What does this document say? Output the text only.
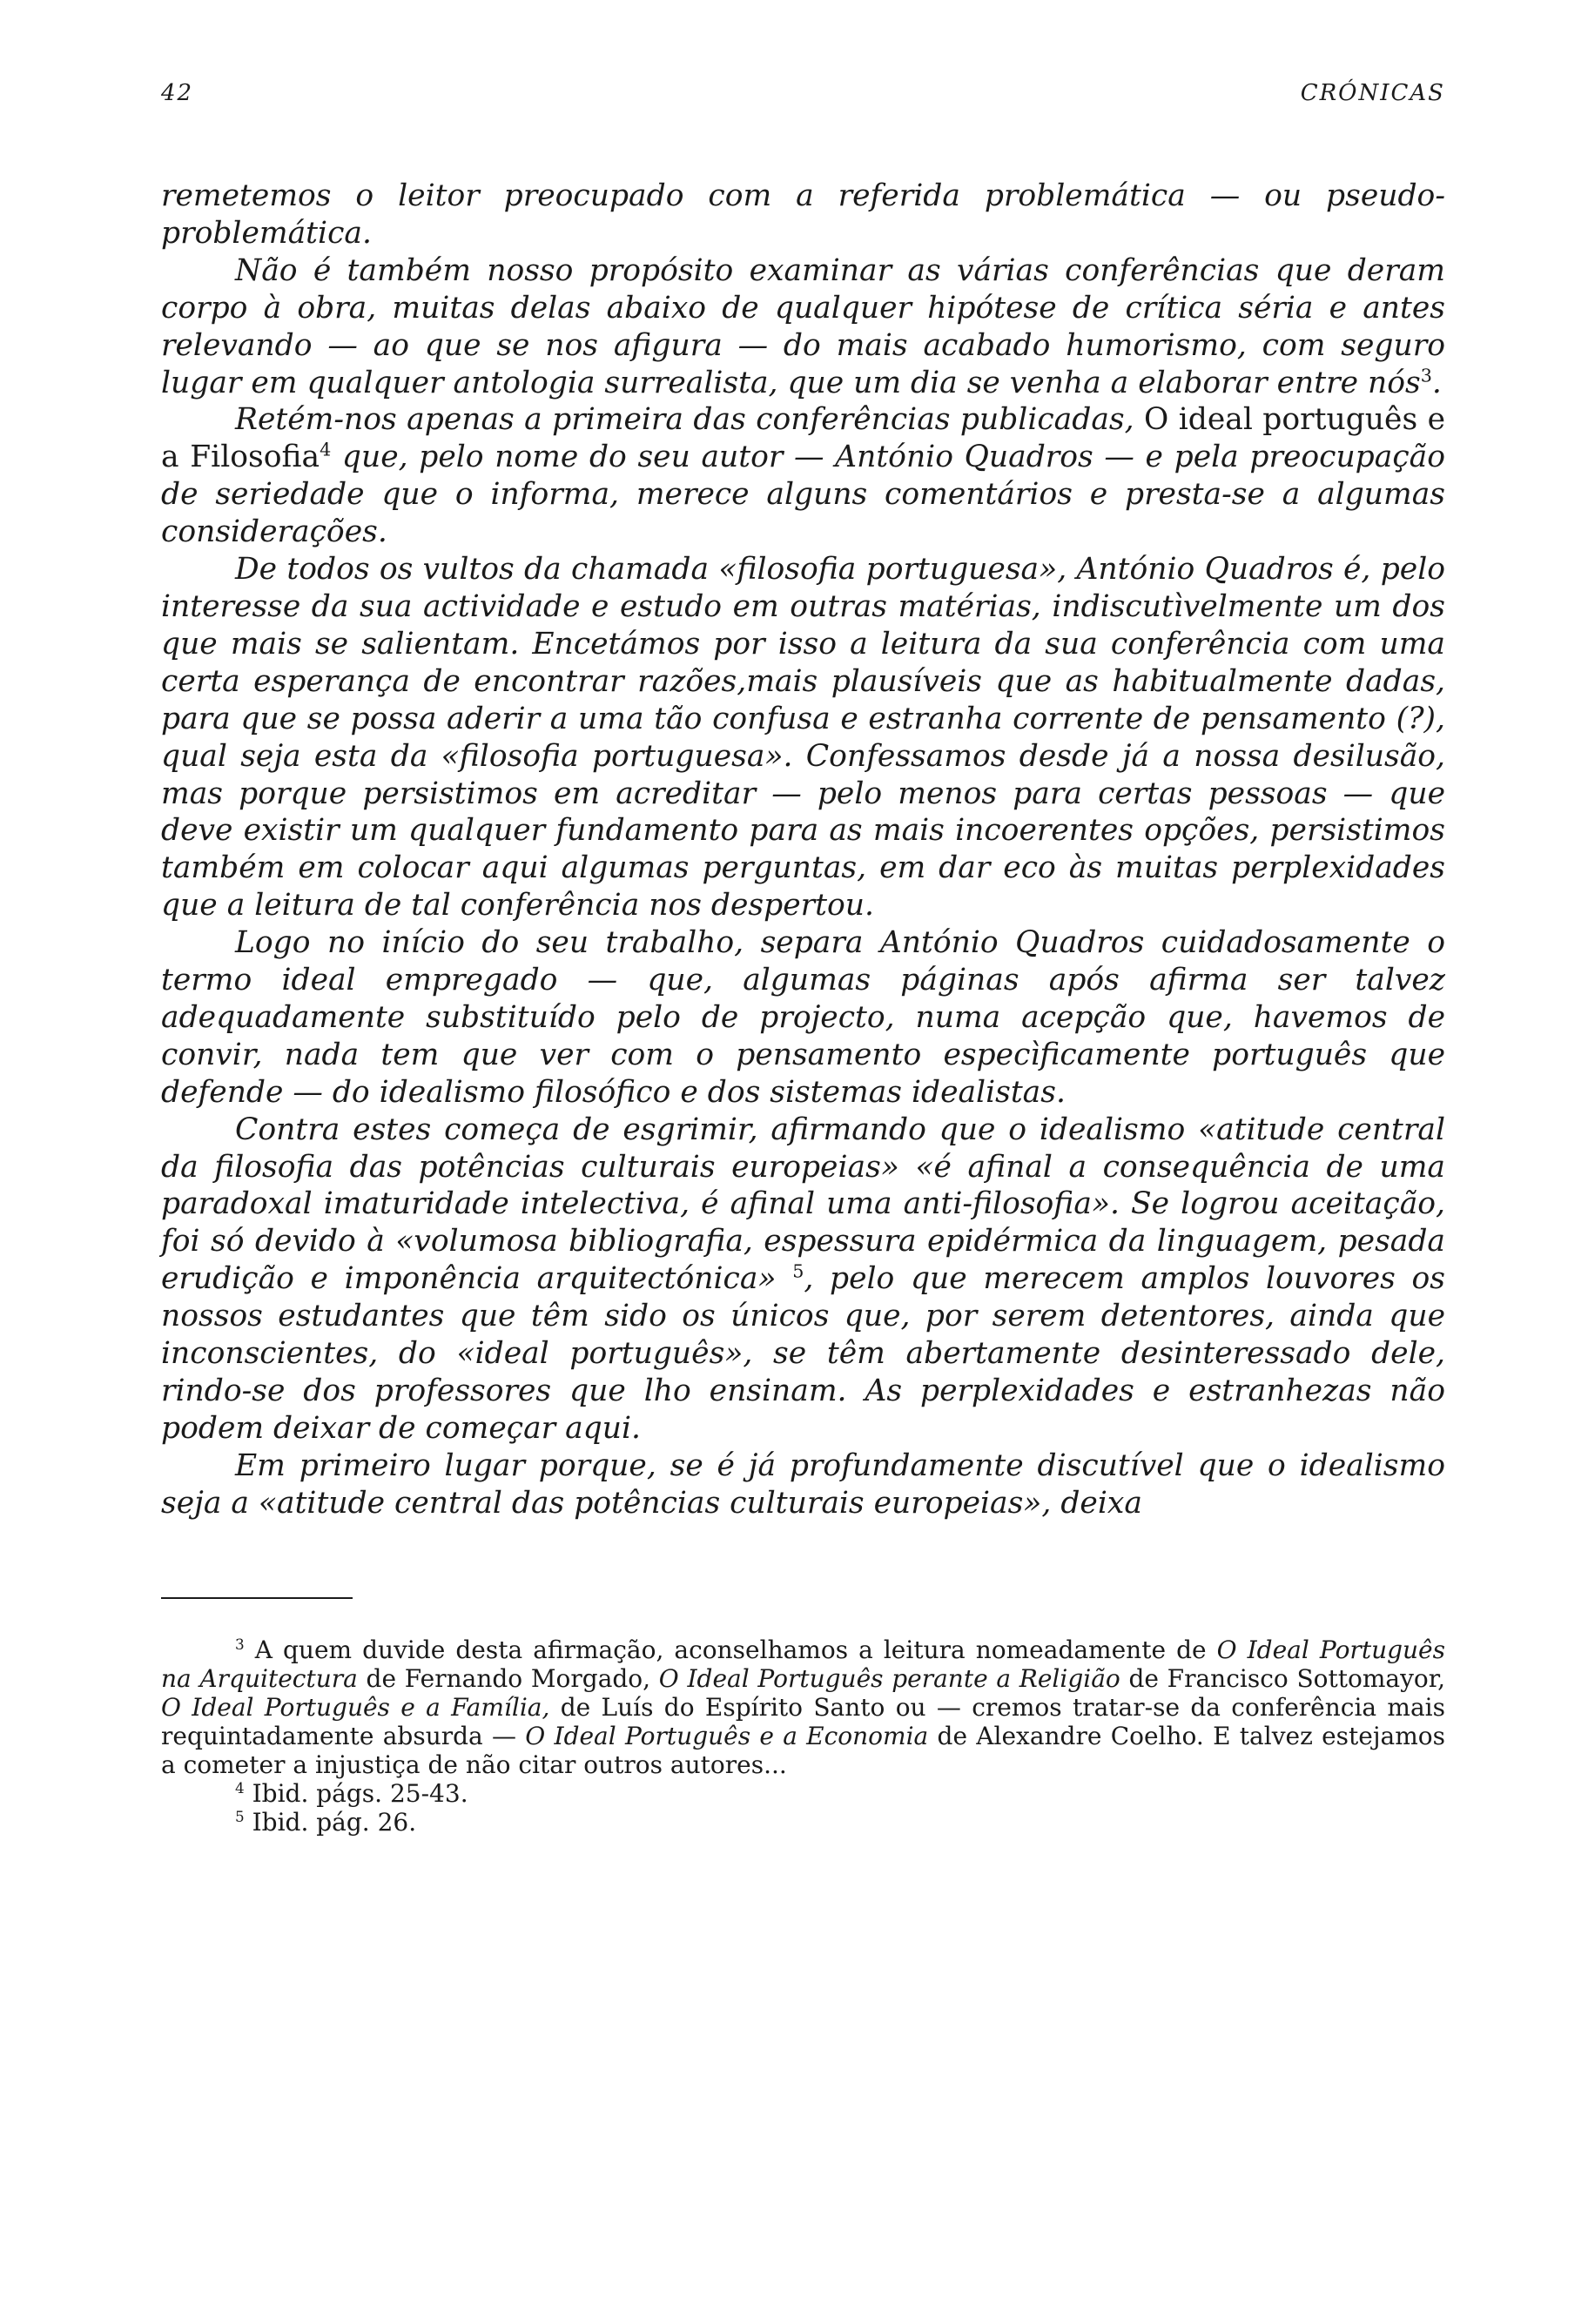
42	CRÓNICAS

remetemos o leitor preocupado com a referida problemática — ou pseudo-problemática.

Não é também nosso propósito examinar as várias conferências que deram corpo à obra, muitas delas abaixo de qualquer hipótese de crítica séria e antes relevando — ao que se nos afigura — do mais acabado humorismo, com seguro lugar em qualquer antologia surrealista, que um dia se venha a elaborar entre nós$^3$.

Retém-nos apenas a primeira das conferências publicadas, O ideal português e a Filosofia$^4$ que, pelo nome do seu autor — António Quadros — e pela preocupação de seriedade que o informa, merece alguns comentários e presta-se a algumas considerações.

De todos os vultos da chamada «filosofia portuguesa», António Quadros é, pelo interesse da sua actividade e estudo em outras matérias, indiscutìvelmente um dos que mais se salientam. Encetámos por isso a leitura da sua conferência com uma certa esperança de encontrar razões,mais plausíveis que as habitualmente dadas, para que se possa aderir a uma tão confusa e estranha corrente de pensamento (?), qual seja esta da «filosofia portuguesa». Confessamos desde já a nossa desilusão, mas porque persistimos em acreditar — pelo menos para certas pessoas — que deve existir um qualquer fundamento para as mais incoerentes opções, persistimos também em colocar aqui algumas perguntas, em dar eco às muitas perplexidades que a leitura de tal conferência nos despertou.

Logo no início do seu trabalho, separa António Quadros cuidadosamente o termo ideal empregado — que, algumas páginas após afirma ser talvez adequadamente substituído pelo de projecto, numa acepção que, havemos de convir, nada tem que ver com o pensamento especìficamente português que defende — do idealismo filosófico e dos sistemas idealistas.

Contra estes começa de esgrimir, afirmando que o idealismo «atitude central da filosofia das potências culturais europeias» «é afinal a consequência de uma paradoxal imaturidade intelectiva, é afinal uma anti-filosofia». Se logrou aceitação, foi só devido à «volumosa bibliografia, espessura epidérmica da linguagem, pesada erudição e imponência arquitectónica» $^5$, pelo que merecem amplos louvores os nossos estudantes que têm sido os únicos que, por serem detentores, ainda que inconscientes, do «ideal português», se têm abertamente desinteressado dele, rindo-se dos professores que lho ensinam. As perplexidades e estranhezas não podem deixar de começar aqui.

Em primeiro lugar porque, se é já profundamente discutível que o idealismo seja a «atitude central das potências culturais europeias», deixa

$^3$ A quem duvide desta afirmação, aconselhamos a leitura nomeadamente de O Ideal Português na Arquitectura de Fernando Morgado, O Ideal Português perante a Religião de Francisco Sottomayor, O Ideal Português e a Família, de Luís do Espírito Santo ou — cremos tratar-se da conferência mais requintadamente absurda — O Ideal Português e a Economia de Alexandre Coelho. E talvez estejamos a cometer a injustiça de não citar outros autores...

$^4$ Ibid. págs. 25-43.

$^5$ Ibid. pág. 26.
